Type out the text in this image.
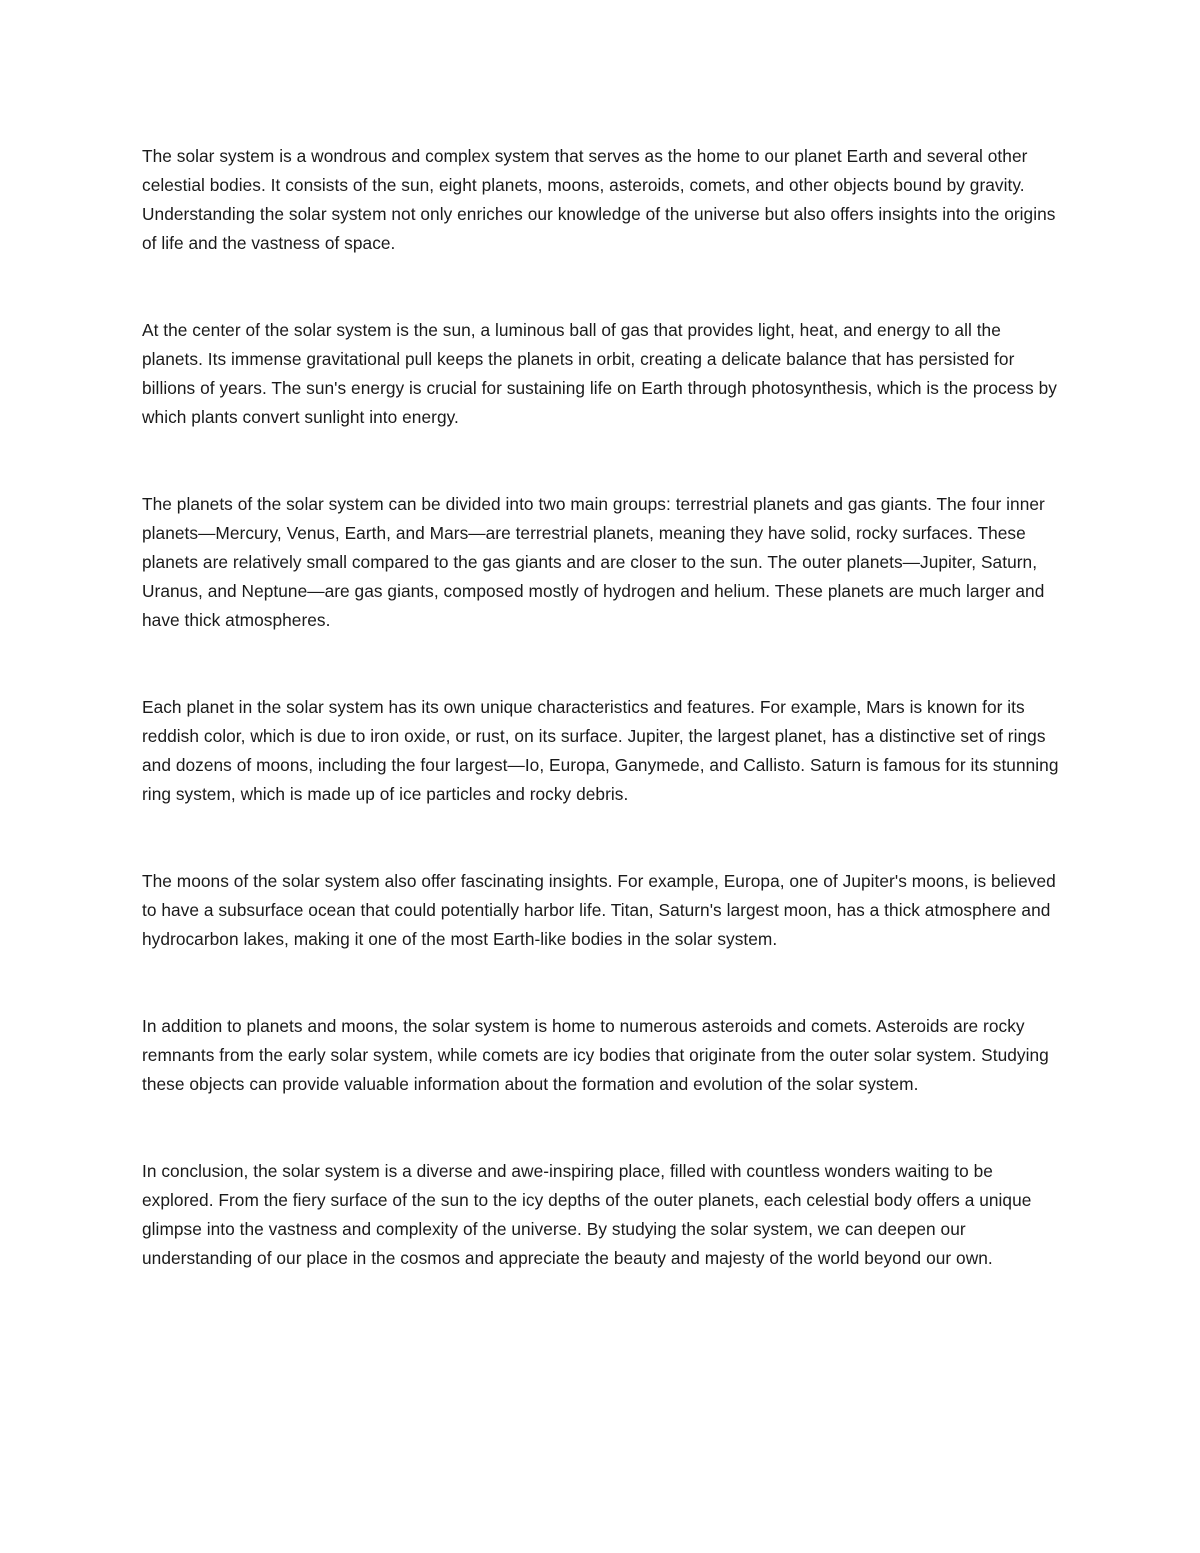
The solar system is a wondrous and complex system that serves as the home to our planet Earth and several other celestial bodies. It consists of the sun, eight planets, moons, asteroids, comets, and other objects bound by gravity. Understanding the solar system not only enriches our knowledge of the universe but also offers insights into the origins of life and the vastness of space.

At the center of the solar system is the sun, a luminous ball of gas that provides light, heat, and energy to all the planets. Its immense gravitational pull keeps the planets in orbit, creating a delicate balance that has persisted for billions of years. The sun's energy is crucial for sustaining life on Earth through photosynthesis, which is the process by which plants convert sunlight into energy.

The planets of the solar system can be divided into two main groups: terrestrial planets and gas giants. The four inner planets—Mercury, Venus, Earth, and Mars—are terrestrial planets, meaning they have solid, rocky surfaces. These planets are relatively small compared to the gas giants and are closer to the sun. The outer planets—Jupiter, Saturn, Uranus, and Neptune—are gas giants, composed mostly of hydrogen and helium. These planets are much larger and have thick atmospheres.

Each planet in the solar system has its own unique characteristics and features. For example, Mars is known for its reddish color, which is due to iron oxide, or rust, on its surface. Jupiter, the largest planet, has a distinctive set of rings and dozens of moons, including the four largest—Io, Europa, Ganymede, and Callisto. Saturn is famous for its stunning ring system, which is made up of ice particles and rocky debris.

The moons of the solar system also offer fascinating insights. For example, Europa, one of Jupiter's moons, is believed to have a subsurface ocean that could potentially harbor life. Titan, Saturn's largest moon, has a thick atmosphere and hydrocarbon lakes, making it one of the most Earth-like bodies in the solar system.

In addition to planets and moons, the solar system is home to numerous asteroids and comets. Asteroids are rocky remnants from the early solar system, while comets are icy bodies that originate from the outer solar system. Studying these objects can provide valuable information about the formation and evolution of the solar system.

In conclusion, the solar system is a diverse and awe-inspiring place, filled with countless wonders waiting to be explored. From the fiery surface of the sun to the icy depths of the outer planets, each celestial body offers a unique glimpse into the vastness and complexity of the universe. By studying the solar system, we can deepen our understanding of our place in the cosmos and appreciate the beauty and majesty of the world beyond our own.
